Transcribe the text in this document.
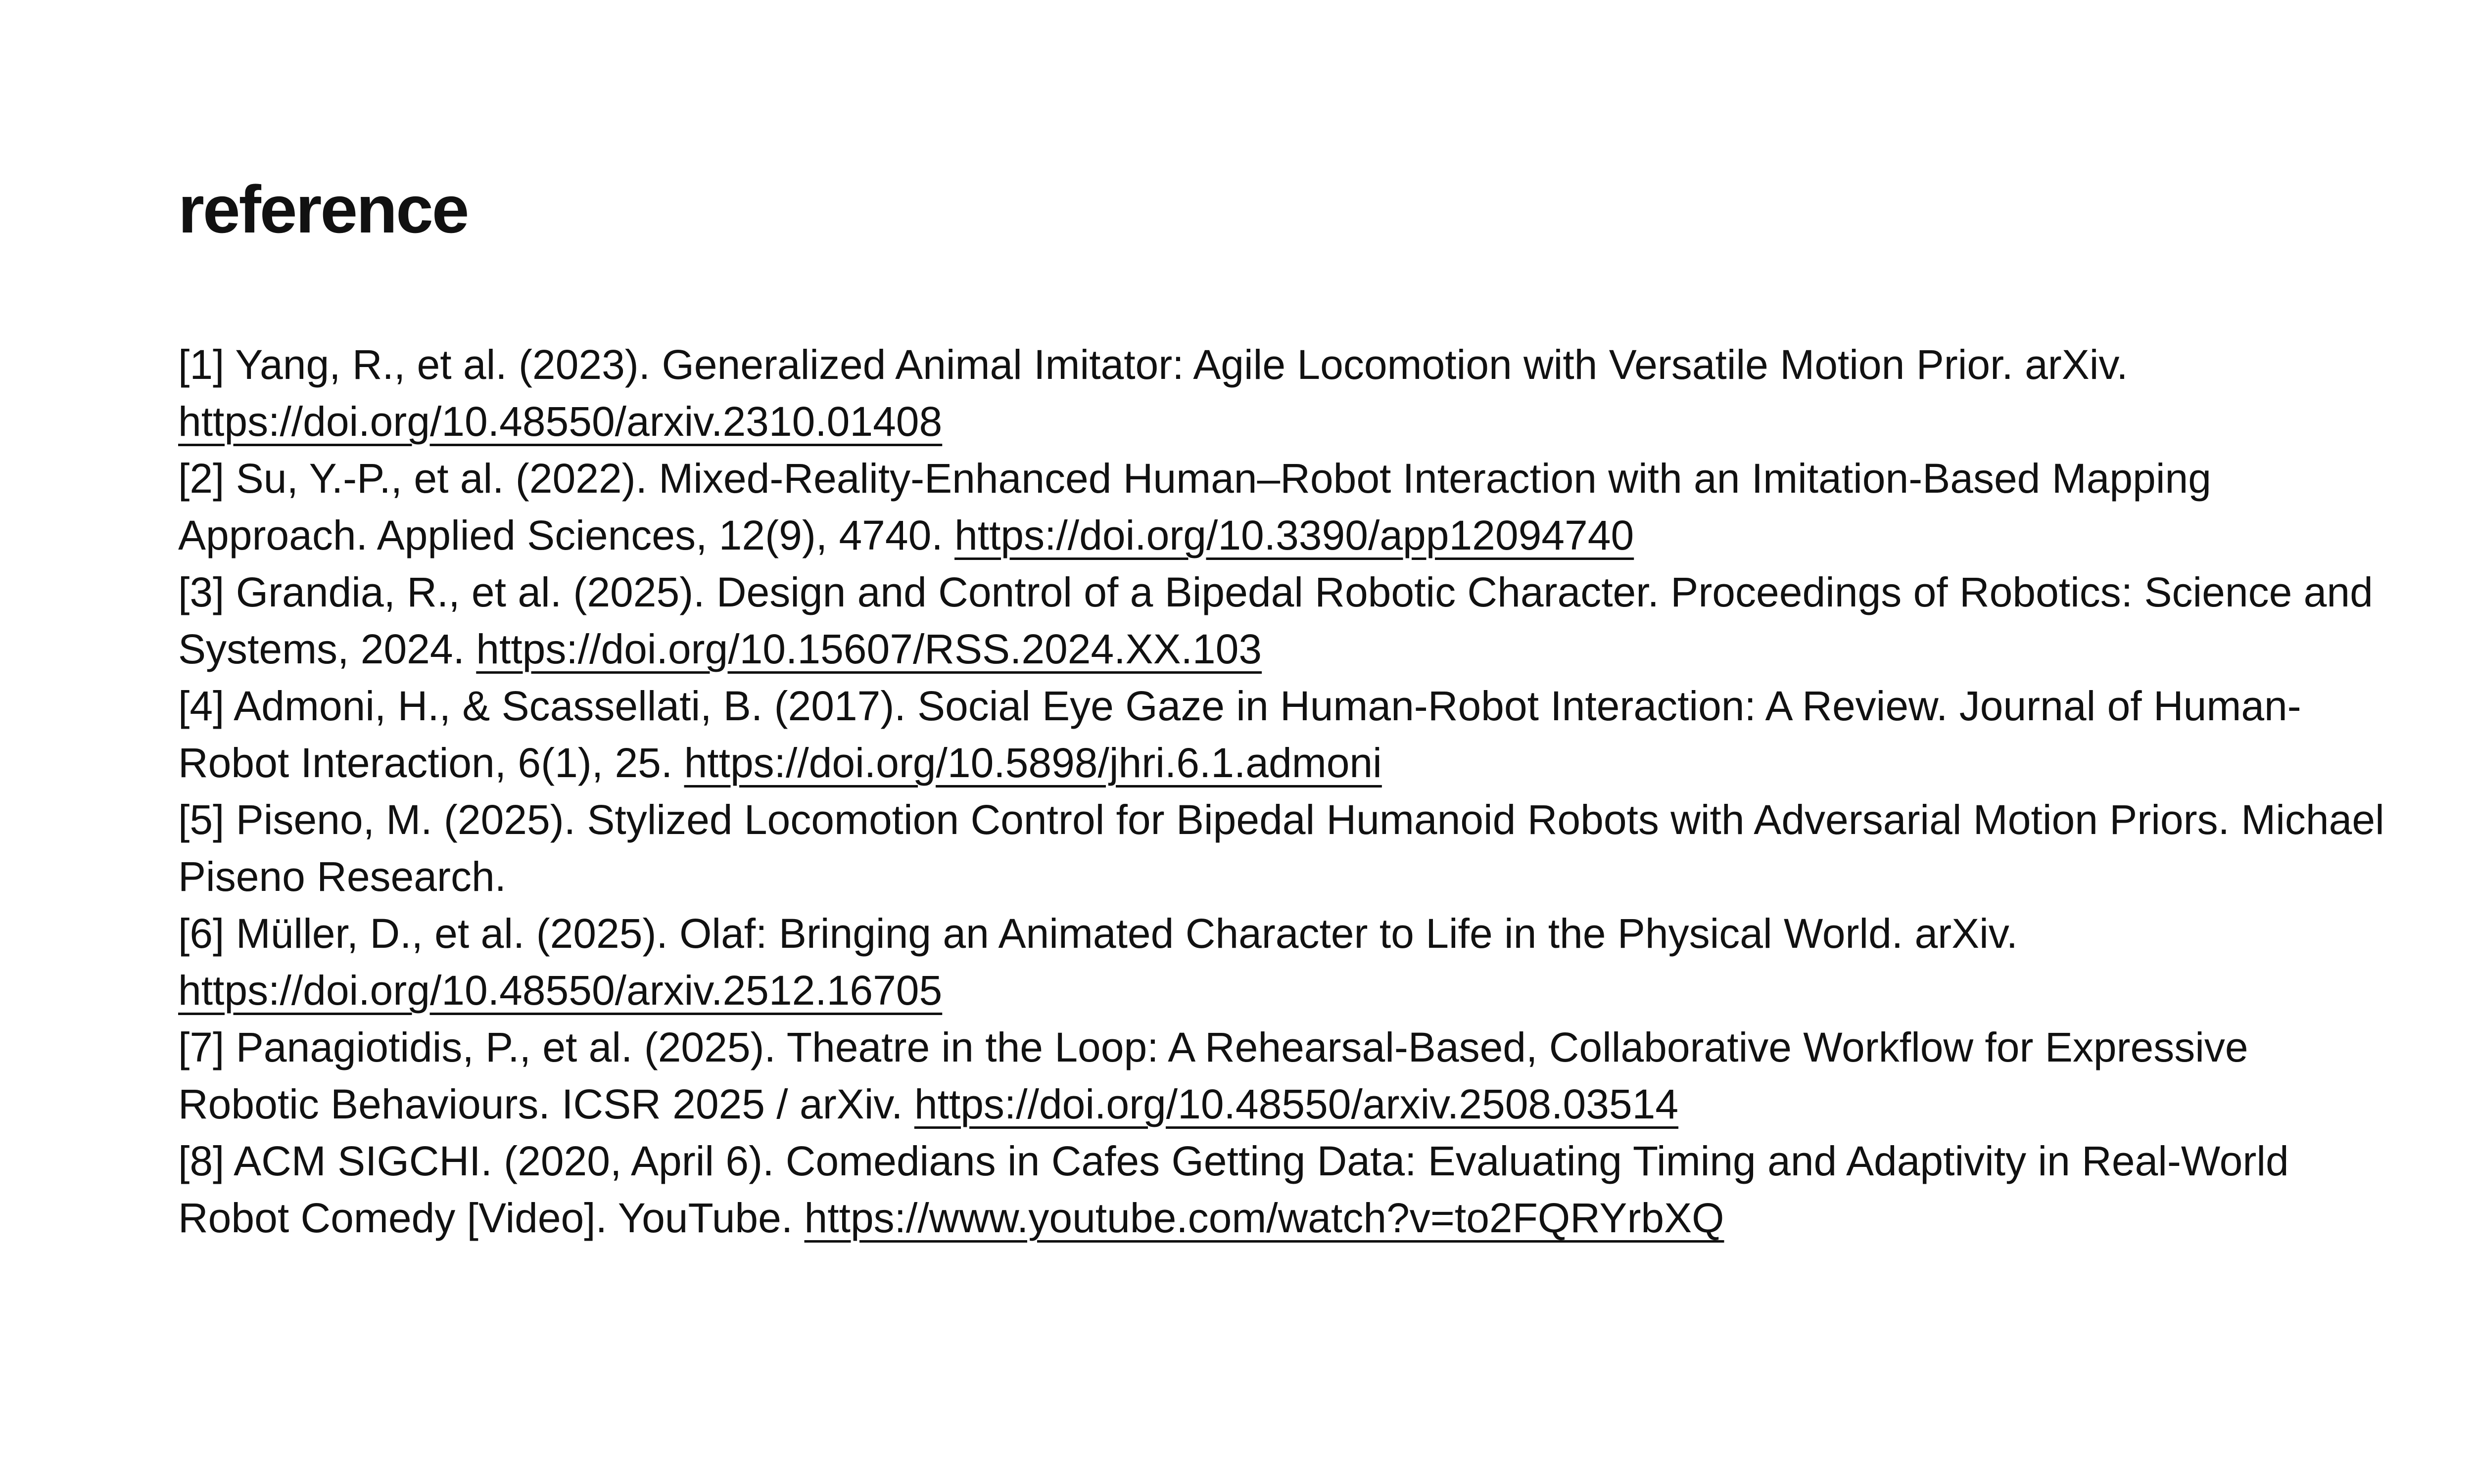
reference
[1] Yang, R., et al. (2023). Generalized Animal Imitator: Agile Locomotion with Versatile Motion Prior. arXiv. https://doi.org/10.48550/arxiv.2310.01408
[2] Su, Y.-P., et al. (2022). Mixed-Reality-Enhanced Human–Robot Interaction with an Imitation-Based Mapping Approach. Applied Sciences, 12(9), 4740. https://doi.org/10.3390/app12094740
[3] Grandia, R., et al. (2025). Design and Control of a Bipedal Robotic Character. Proceedings of Robotics: Science and Systems, 2024. https://doi.org/10.15607/RSS.2024.XX.103
[4] Admoni, H., & Scassellati, B. (2017). Social Eye Gaze in Human-Robot Interaction: A Review. Journal of Human-Robot Interaction, 6(1), 25. https://doi.org/10.5898/jhri.6.1.admoni
[5] Piseno, M. (2025). Stylized Locomotion Control for Bipedal Humanoid Robots with Adversarial Motion Priors. Michael Piseno Research.
[6] Müller, D., et al. (2025). Olaf: Bringing an Animated Character to Life in the Physical World. arXiv. https://doi.org/10.48550/arxiv.2512.16705
[7] Panagiotidis, P., et al. (2025). Theatre in the Loop: A Rehearsal-Based, Collaborative Workflow for Expressive Robotic Behaviours. ICSR 2025 / arXiv. https://doi.org/10.48550/arxiv.2508.03514
[8] ACM SIGCHI. (2020, April 6). Comedians in Cafes Getting Data: Evaluating Timing and Adaptivity in Real-World Robot Comedy [Video]. YouTube. https://www.youtube.com/watch?v=to2FQRYrbXQ
